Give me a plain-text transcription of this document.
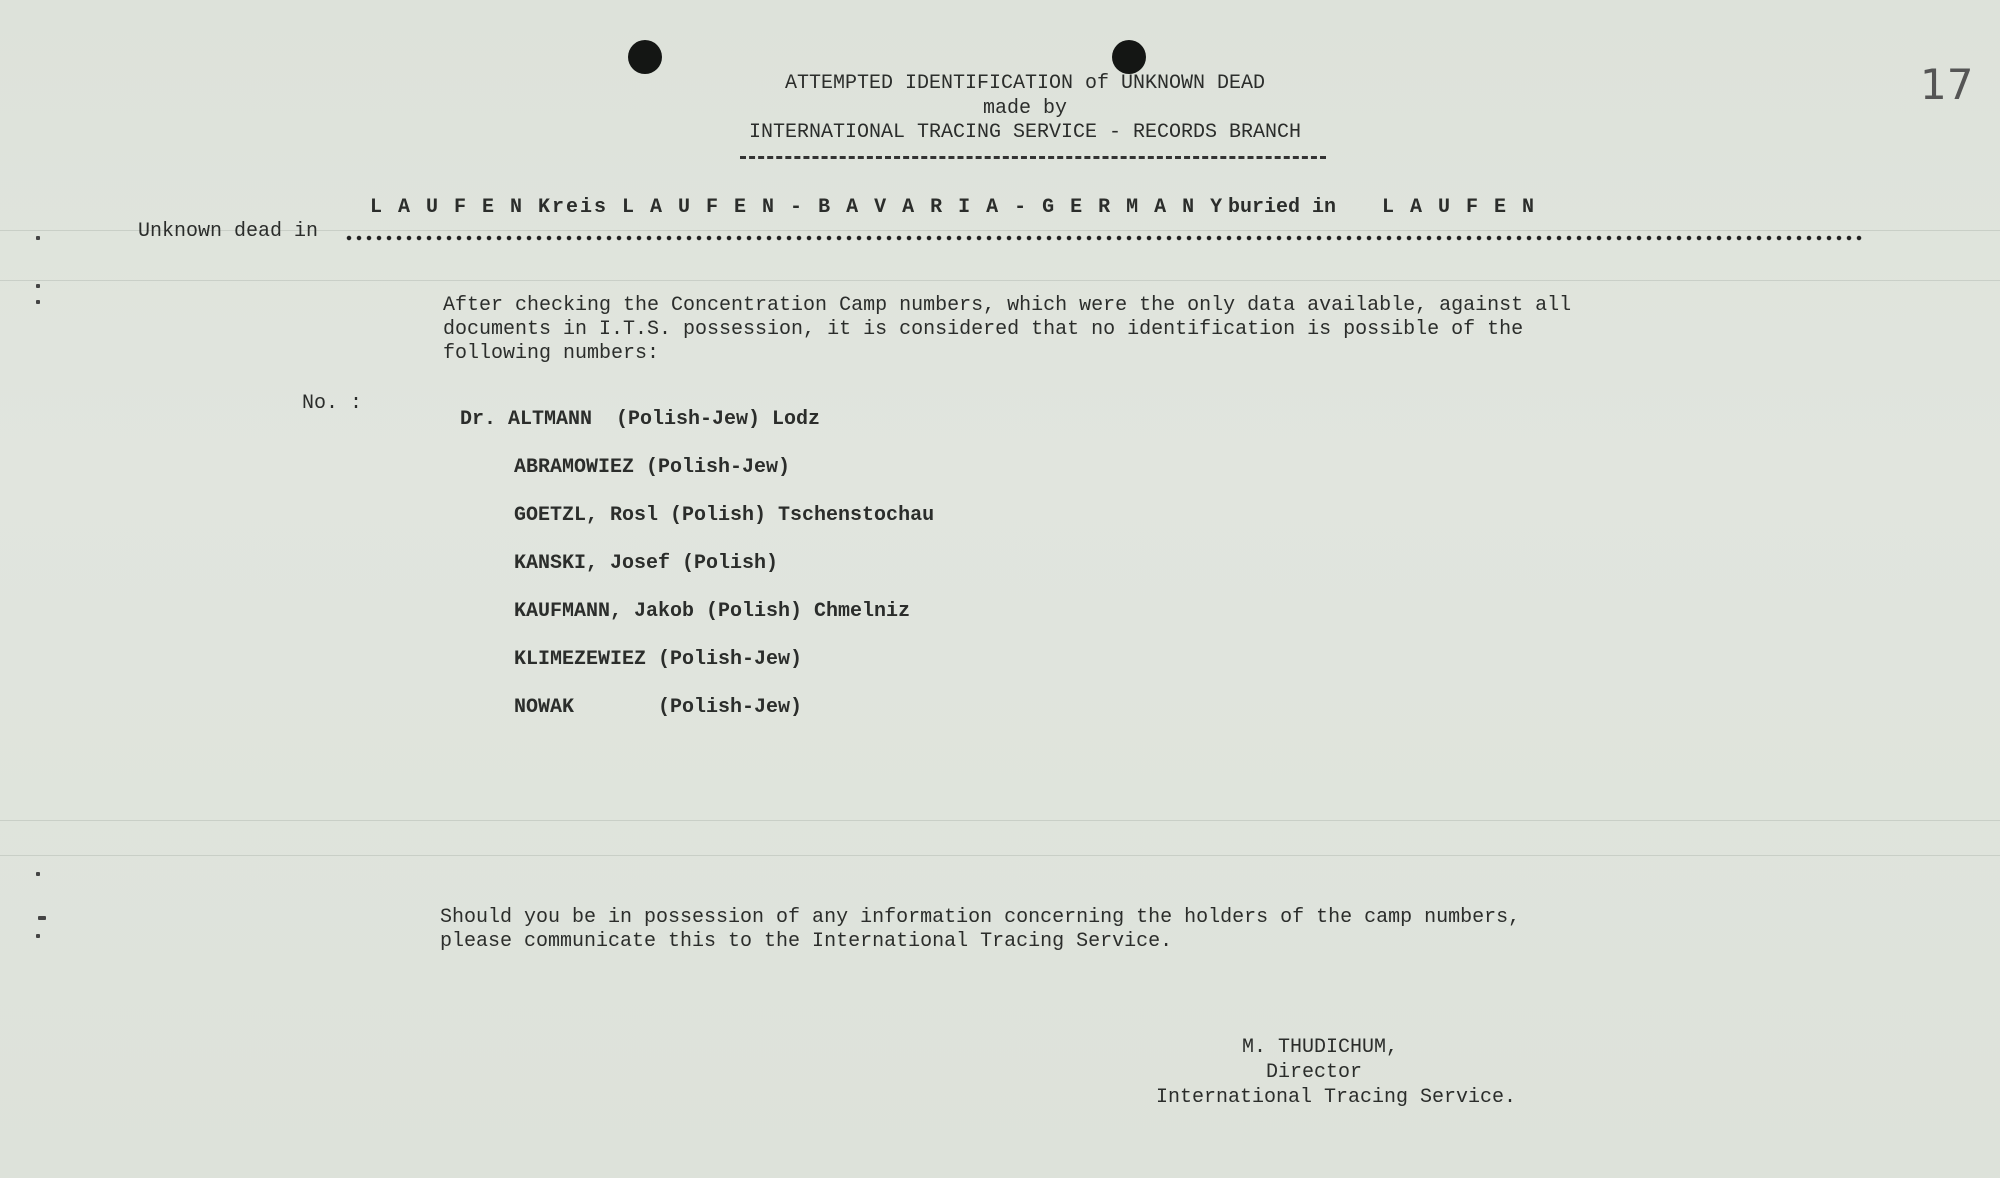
17
ATTEMPTED IDENTIFICATION of UNKNOWN DEAD
made by
INTERNATIONAL TRACING SERVICE - RECORDS BRANCH
L A U F E N Kreis L A U F E N - B A V A R I A - G E R M A N Y buried in L A U F E N
Unknown dead in
After checking the Concentration Camp numbers, which were the only data available, against all
documents in I.T.S. possession, it is considered that no identification is possible of the
following numbers:
No. :
Dr. ALTMANN  (Polish-Jew) Lodz
ABRAMOWIEZ (Polish-Jew)
GOETZL, Rosl (Polish) Tschenstochau
KANSKI, Josef (Polish)
KAUFMANN, Jakob (Polish) Chmelniz
KLIMEZEWIEZ (Polish-Jew)
NOWAK       (Polish-Jew)
Should you be in possession of any information concerning the holders of the camp numbers,
please communicate this to the International Tracing Service.
M. THUDICHUM,
Director
International Tracing Service.
